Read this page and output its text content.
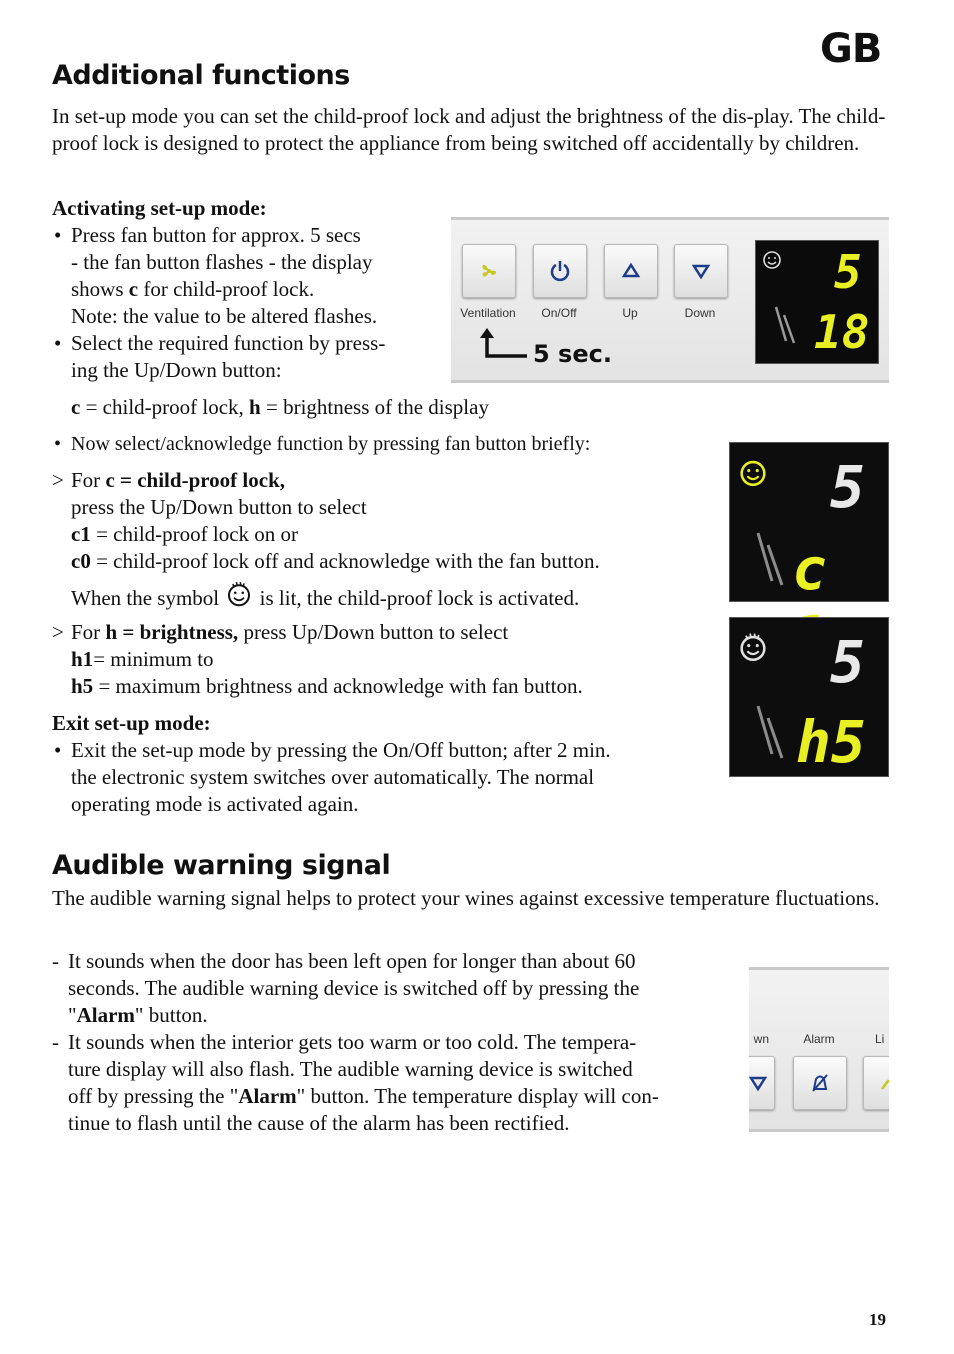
GB
Additional functions
In set-up mode you can set the child-proof lock and adjust the brightness of the dis-play. The child-proof lock is designed to protect the appliance from being switched off accidentally by children.
Activating set-up mode:
• Press fan button for approx. 5 secs
- the fan button flashes - the display
shows c for child-proof lock.
Note: the value to be altered flashes.
• Select the required function by press-
ing the Up/Down button:
Ventilation	On/Off	Up	Down
5 sec.
5
18
c = child-proof lock, h = brightness of the display
• Now select/acknowledge function by pressing fan button briefly:
> For c = child-proof lock,
press the Up/Down button to select
c1 = child-proof lock on or
c0 = child-proof lock off and acknowledge with the fan button.
When the symbol is lit, the child-proof lock is activated.
5
c
> For h = brightness, press Up/Down button to select
h1= minimum to
h5 = maximum brightness and acknowledge with fan button.	5
h5
Exit set-up mode:
• Exit the set-up mode by pressing the On/Off button; after 2 min.
the electronic system switches over automatically. The normal
operating mode is activated again.
Audible warning signal
The audible warning signal helps to protect your wines against excessive temperature fluctuations.
- It sounds when the door has been left open for longer than about 60
seconds. The audible warning device is switched off by pressing the
"Alarm" button.
- It sounds when the interior gets too warm or too cold. The tempera-
ture display will also flash. The audible warning device is switched
off by pressing the "Alarm" button. The temperature display will con-
tinue to flash until the cause of the alarm has been rectified.
wn	Alarm	Li
19
